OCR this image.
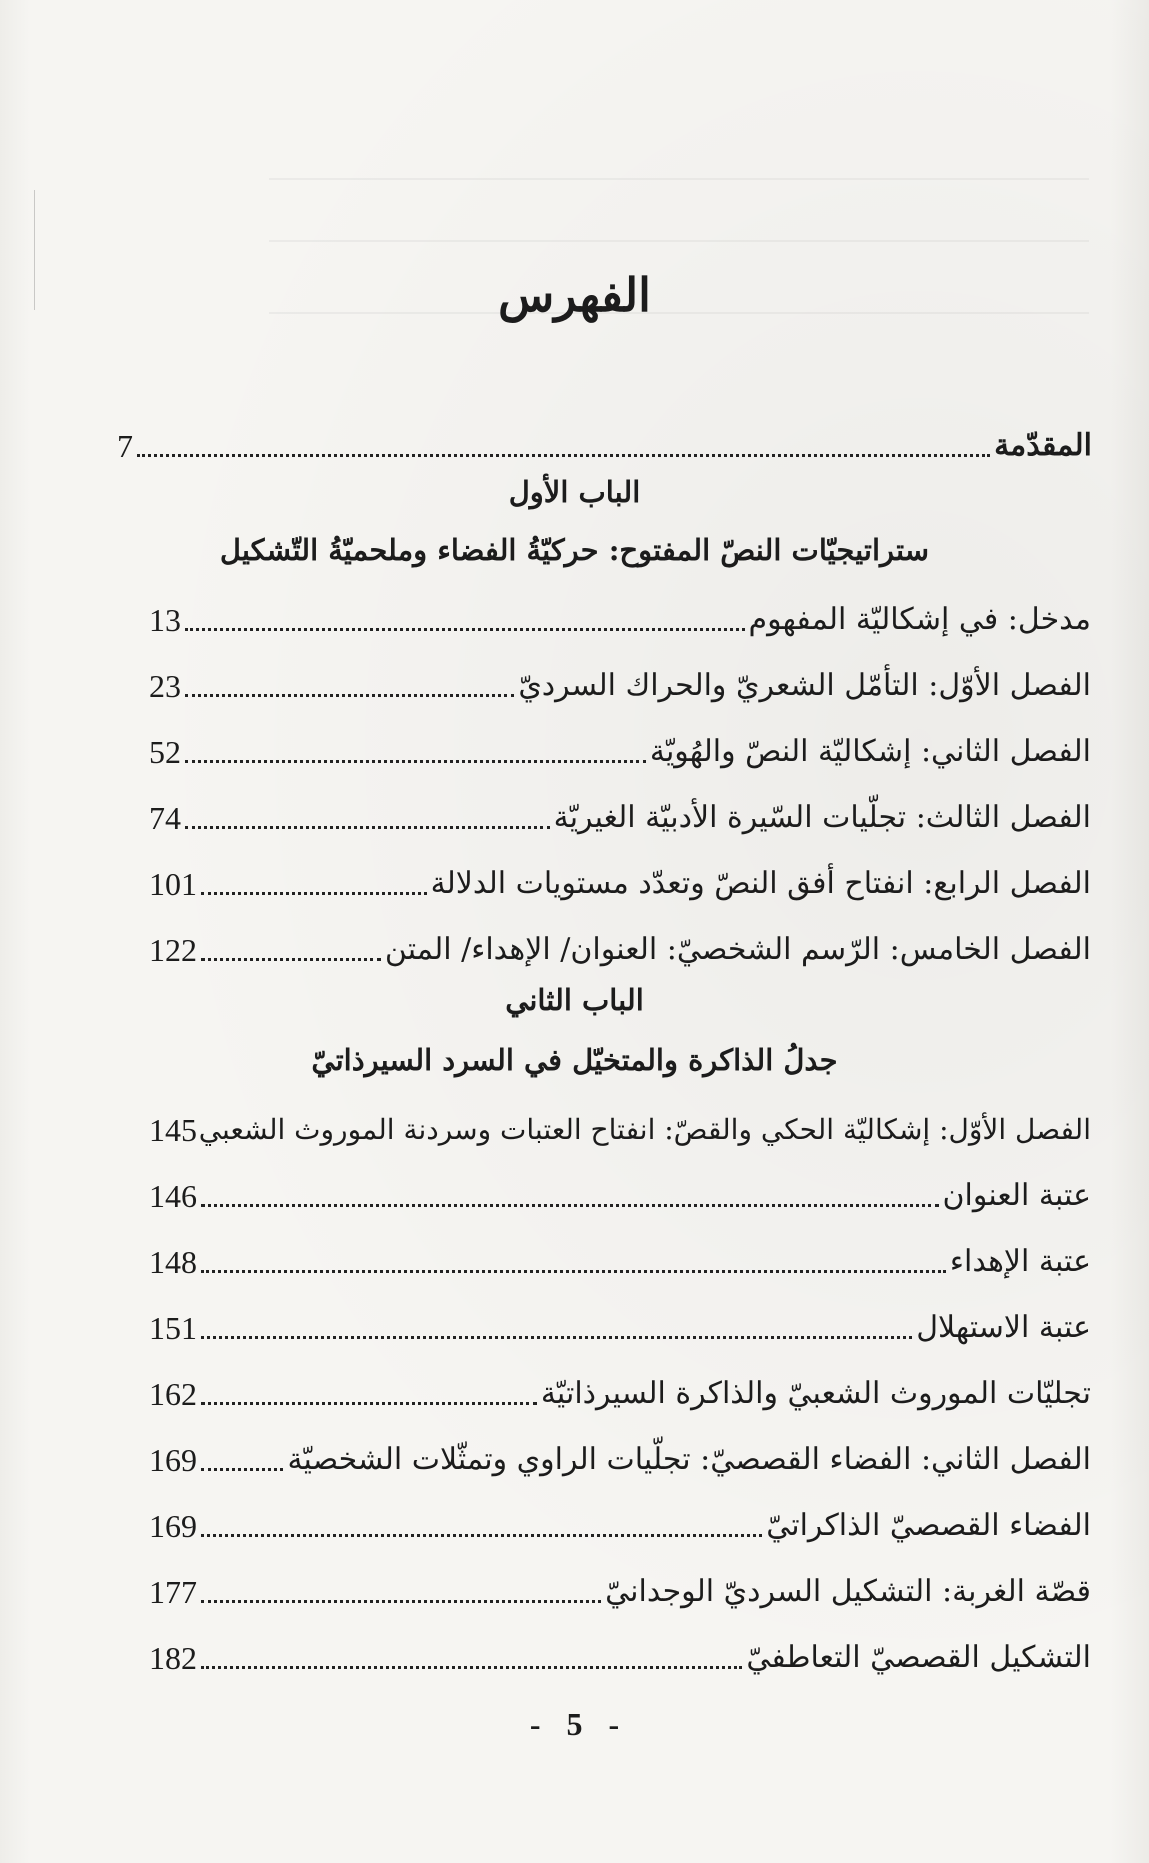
الفهرس
المقدّمة
7
الباب الأول
ستراتيجيّات النصّ المفتوح: حركيّةُ الفضاء وملحميّةُ التّشكيل
مدخل: في إشكاليّة المفهوم
13
الفصل الأوّل: التأمّل الشعريّ والحراك السرديّ
23
الفصل الثاني: إشكاليّة النصّ والهُويّة
52
الفصل الثالث: تجلّيات السّيرة الأدبيّة الغيريّة
74
الفصل الرابع: انفتاح أفق النصّ وتعدّد مستويات الدلالة
101
الفصل الخامس: الرّسم الشخصيّ: العنوان/ الإهداء/ المتن
122
الباب الثاني
جدلُ الذاكرة والمتخيّل في السرد السيرذاتيّ
الفصل الأوّل: إشكاليّة الحكي والقصّ: انفتاح العتبات وسردنة الموروث الشعبي
145
عتبة العنوان
146
عتبة الإهداء
148
عتبة الاستهلال
151
تجليّات الموروث الشعبيّ والذاكرة السيرذاتيّة
162
الفصل الثاني: الفضاء القصصيّ: تجلّيات الراوي وتمثّلات الشخصيّة
169
الفضاء القصصيّ الذاكراتيّ
169
قصّة الغربة: التشكيل السرديّ الوجدانيّ
177
التشكيل القصصيّ التعاطفيّ
182
- 5 -
